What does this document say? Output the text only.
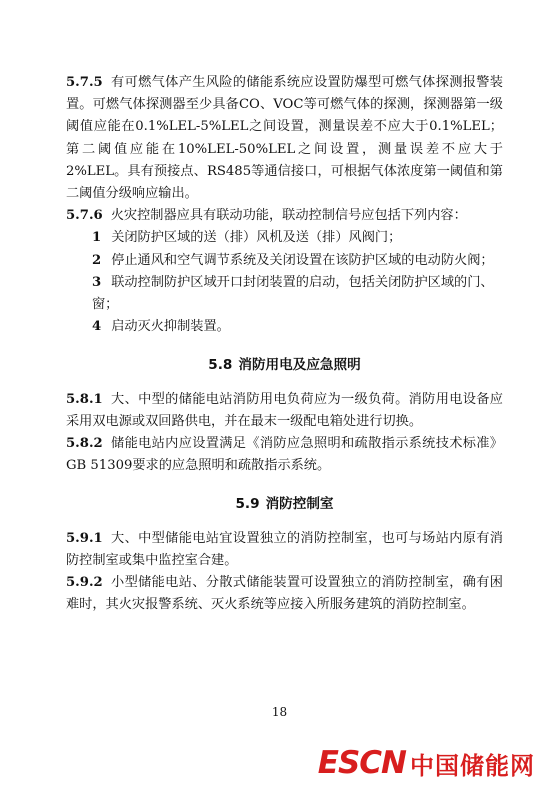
5.7.5 有可燃气体产生风险的储能系统应设置防爆型可燃气体探测报警装置。可燃气体探测器至少具备CO、VOC等可燃气体的探测，探测器第一级阈值应能在0.1%LEL-5%LEL之间设置，测量误差不应大于0.1%LEL；第二阈值应能在10%LEL-50%LEL之间设置，测量误差不应大于2%LEL。具有预接点、RS485等通信接口，可根据气体浓度第一阈值和第二阈值分级响应输出。

5.7.6 火灾控制器应具有联动功能，联动控制信号应包括下列内容：

1 关闭防护区域的送（排）风机及送（排）风阀门；

2 停止通风和空气调节系统及关闭设置在该防护区域的电动防火阀；

3 联动控制防护区域开口封闭装置的启动，包括关闭防护区域的门、窗；

4 启动灭火抑制装置。

5.8 消防用电及应急照明

5.8.1 大、中型的储能电站消防用电负荷应为一级负荷。消防用电设备应采用双电源或双回路供电，并在最末一级配电箱处进行切换。

5.8.2 储能电站内应设置满足《消防应急照明和疏散指示系统技术标准》GB 51309要求的应急照明和疏散指示系统。

5.9 消防控制室

5.9.1 大、中型储能电站宜设置独立的消防控制室，也可与场站内原有消防控制室或集中监控室合建。

5.9.2 小型储能电站、分散式储能装置可设置独立的消防控制室，确有困难时，其火灾报警系统、灭火系统等应接入所服务建筑的消防控制室。

18
ESCN 中国储能网
